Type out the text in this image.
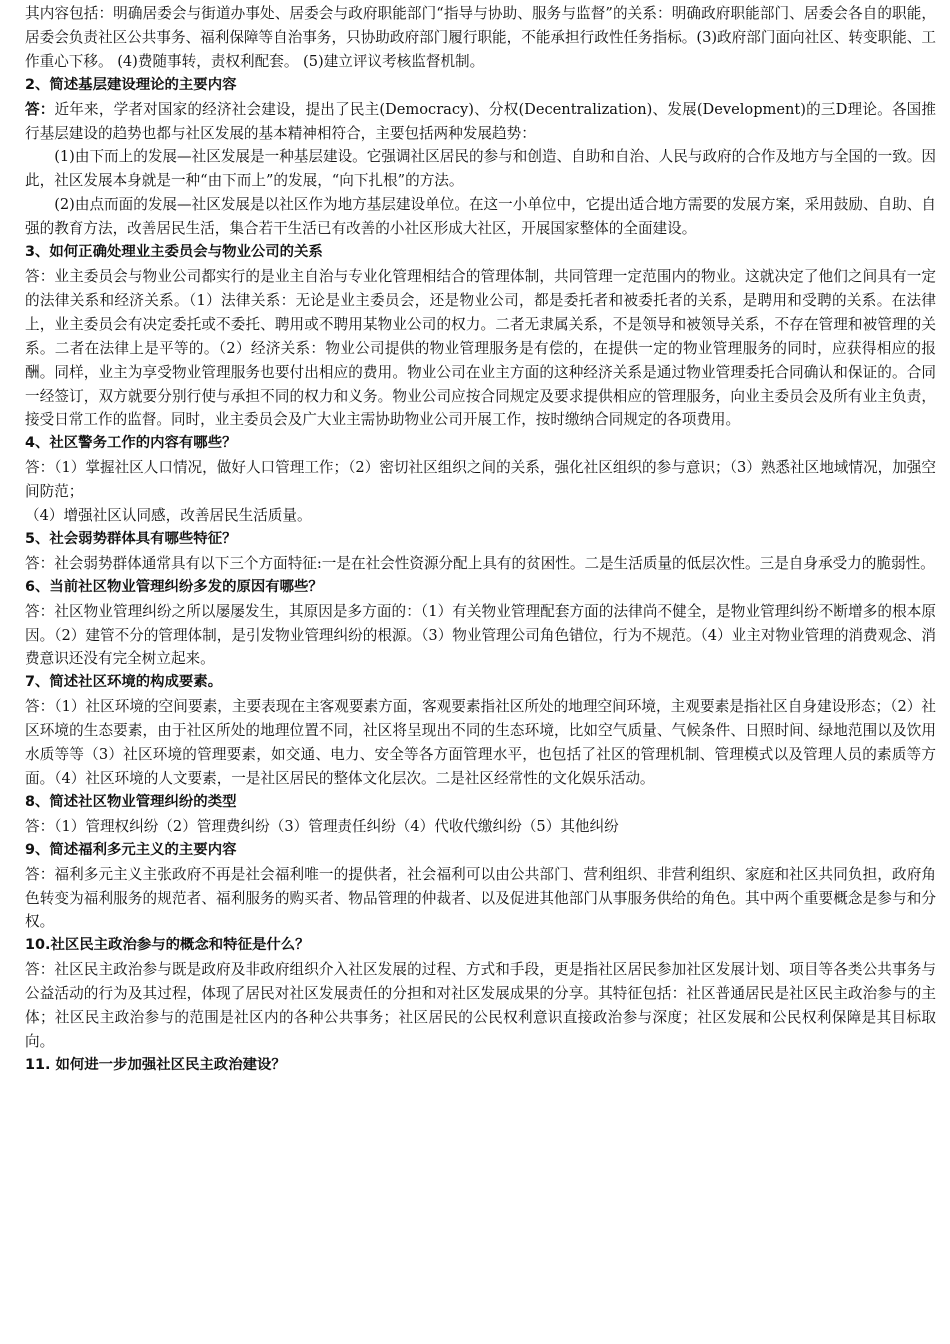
其内容包括：明确居委会与街道办事处、居委会与政府职能部门“指导与协助、服务与监督”的关系：明确政府职能部门、居委会各自的职能，居委会负责社区公共事务、福利保障等自治事务，只协助政府部门履行职能，不能承担行政性任务指标。(3)政府部门面向社区、转变职能、工作重心下移。 (4)费随事转，责权利配套。 (5)建立评议考核监督机制。

2、简述基层建设理论的主要内容

答：近年来，学者对国家的经济社会建设，提出了民主(Democracy)、分权(Decentralization)、发展(Development)的三D理论。各国推行基层建设的趋势也都与社区发展的基本精神相符合，主要包括两种发展趋势：

(1)由下而上的发展—社区发展是一种基层建设。它强调社区居民的参与和创造、自助和自治、人民与政府的合作及地方与全国的一致。因此，社区发展本身就是一种“由下而上”的发展，“向下扎根”的方法。

(2)由点而面的发展—社区发展是以社区作为地方基层建设单位。在这一小单位中，它提出适合地方需要的发展方案，采用鼓励、自助、自强的教育方法，改善居民生活，集合若干生活已有改善的小社区形成大社区，开展国家整体的全面建设。

3、如何正确处理业主委员会与物业公司的关系

答：业主委员会与物业公司都实行的是业主自治与专业化管理相结合的管理体制，共同管理一定范围内的物业。这就决定了他们之间具有一定的法律关系和经济关系。（1）法律关系：无论是业主委员会，还是物业公司，都是委托者和被委托者的关系，是聘用和受聘的关系。在法律上，业主委员会有决定委托或不委托、聘用或不聘用某物业公司的权力。二者无隶属关系，不是领导和被领导关系，不存在管理和被管理的关系。二者在法律上是平等的。（2）经济关系：物业公司提供的物业管理服务是有偿的，在提供一定的物业管理服务的同时，应获得相应的报酬。同样，业主为享受物业管理服务也要付出相应的费用。物业公司在业主方面的这种经济关系是通过物业管理委托合同确认和保证的。合同一经签订，双方就要分别行使与承担不同的权力和义务。物业公司应按合同规定及要求提供相应的管理服务，向业主委员会及所有业主负责，接受日常工作的监督。同时，业主委员会及广大业主需协助物业公司开展工作，按时缴纳合同规定的各项费用。

4、社区警务工作的内容有哪些？

答：（1）掌握社区人口情况，做好人口管理工作；（2）密切社区组织之间的关系，强化社区组织的参与意识；（3）熟悉社区地域情况，加强空间防范；

（4）增强社区认同感，改善居民生活质量。

5、社会弱势群体具有哪些特征？

答：社会弱势群体通常具有以下三个方面特征:一是在社会性资源分配上具有的贫困性。二是生活质量的低层次性。三是自身承受力的脆弱性。

6、当前社区物业管理纠纷多发的原因有哪些？

答：社区物业管理纠纷之所以屡屡发生，其原因是多方面的：（1）有关物业管理配套方面的法律尚不健全，是物业管理纠纷不断增多的根本原因。（2）建管不分的管理体制，是引发物业管理纠纷的根源。（3）物业管理公司角色错位，行为不规范。（4）业主对物业管理的消费观念、消费意识还没有完全树立起来。

7、简述社区环境的构成要素。

答：（1）社区环境的空间要素，主要表现在主客观要素方面，客观要素指社区所处的地理空间环境，主观要素是指社区自身建设形态；（2）社区环境的生态要素，由于社区所处的地理位置不同，社区将呈现出不同的生态环境，比如空气质量、气候条件、日照时间、绿地范围以及饮用水质等等（3）社区环境的管理要素，如交通、电力、安全等各方面管理水平，也包括了社区的管理机制、管理模式以及管理人员的素质等方面。（4）社区环境的人文要素，一是社区居民的整体文化层次。二是社区经常性的文化娱乐活动。

8、简述社区物业管理纠纷的类型

答：（1）管理权纠纷（2）管理费纠纷（3）管理责任纠纷（4）代收代缴纠纷（5）其他纠纷

9、简述福利多元主义的主要内容

答：福利多元主义主张政府不再是社会福利唯一的提供者，社会福利可以由公共部门、营利组织、非营利组织、家庭和社区共同负担，政府角色转变为福利服务的规范者、福利服务的购买者、物品管理的仲裁者、以及促进其他部门从事服务供给的角色。其中两个重要概念是参与和分权。

10.社区民主政治参与的概念和特征是什么？

答：社区民主政治参与既是政府及非政府组织介入社区发展的过程、方式和手段，更是指社区居民参加社区发展计划、项目等各类公共事务与公益活动的行为及其过程，体现了居民对社区发展责任的分担和对社区发展成果的分享。其特征包括：社区普通居民是社区民主政治参与的主体；社区民主政治参与的范围是社区内的各种公共事务；社区居民的公民权利意识直接政治参与深度；社区发展和公民权利保障是其目标取向。

11. 如何进一步加强社区民主政治建设？
